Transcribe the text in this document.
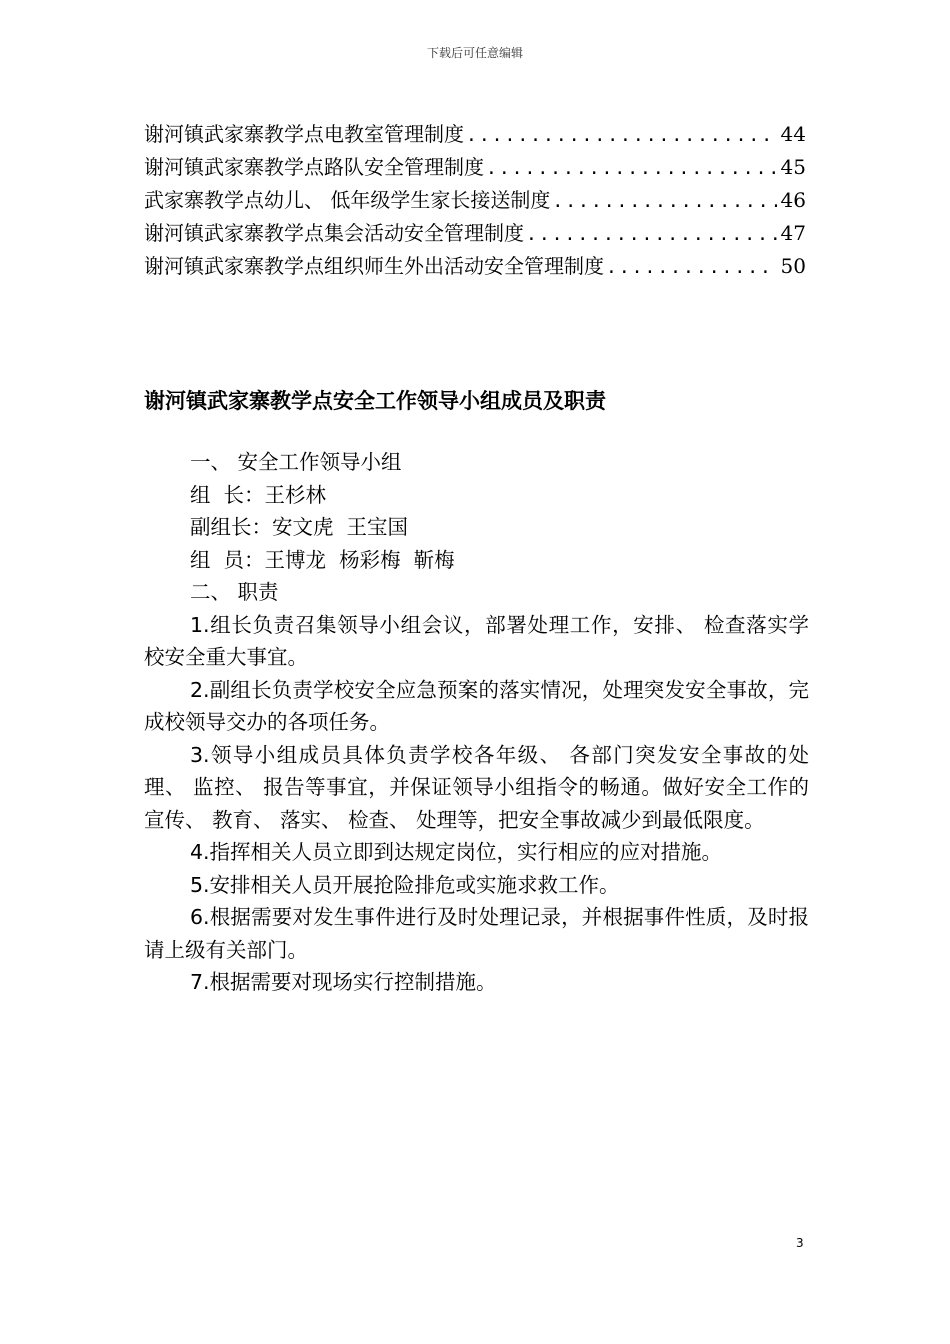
下载后可任意编辑
谢河镇武家寨教学点电教室管理制度 .....	44
谢河镇武家寨教学点路队安全管理制度 .....	45
武家寨教学点幼儿、 低年级学生家长接送制度 .....	46
谢河镇武家寨教学点集会活动安全管理制度 .....	47
谢河镇武家寨教学点组织师生外出活动安全管理制度 .....	50
谢河镇武家寨教学点安全工作领导小组成员及职责
一、 安全工作领导小组
组  长：王杉林
副组长：安文虎  王宝国
组  员：王博龙  杨彩梅  靳梅
二、 职责

1.组长负责召集领导小组会议，部署处理工作，安排、 检查落实学校安全重大事宜。

2.副组长负责学校安全应急预案的落实情况，处理突发安全事故，完成校领导交办的各项任务。

3.领导小组成员具体负责学校各年级、 各部门突发安全事故的处理、 监控、 报告等事宜，并保证领导小组指令的畅通。做好安全工作的宣传、 教育、 落实、 检查、 处理等，把安全事故减少到最低限度。

4.指挥相关人员立即到达规定岗位，实行相应的应对措施。

5.安排相关人员开展抢险排危或实施求救工作。

6.根据需要对发生事件进行及时处理记录，并根据事件性质，及时报请上级有关部门。

7.根据需要对现场实行控制措施。

3
